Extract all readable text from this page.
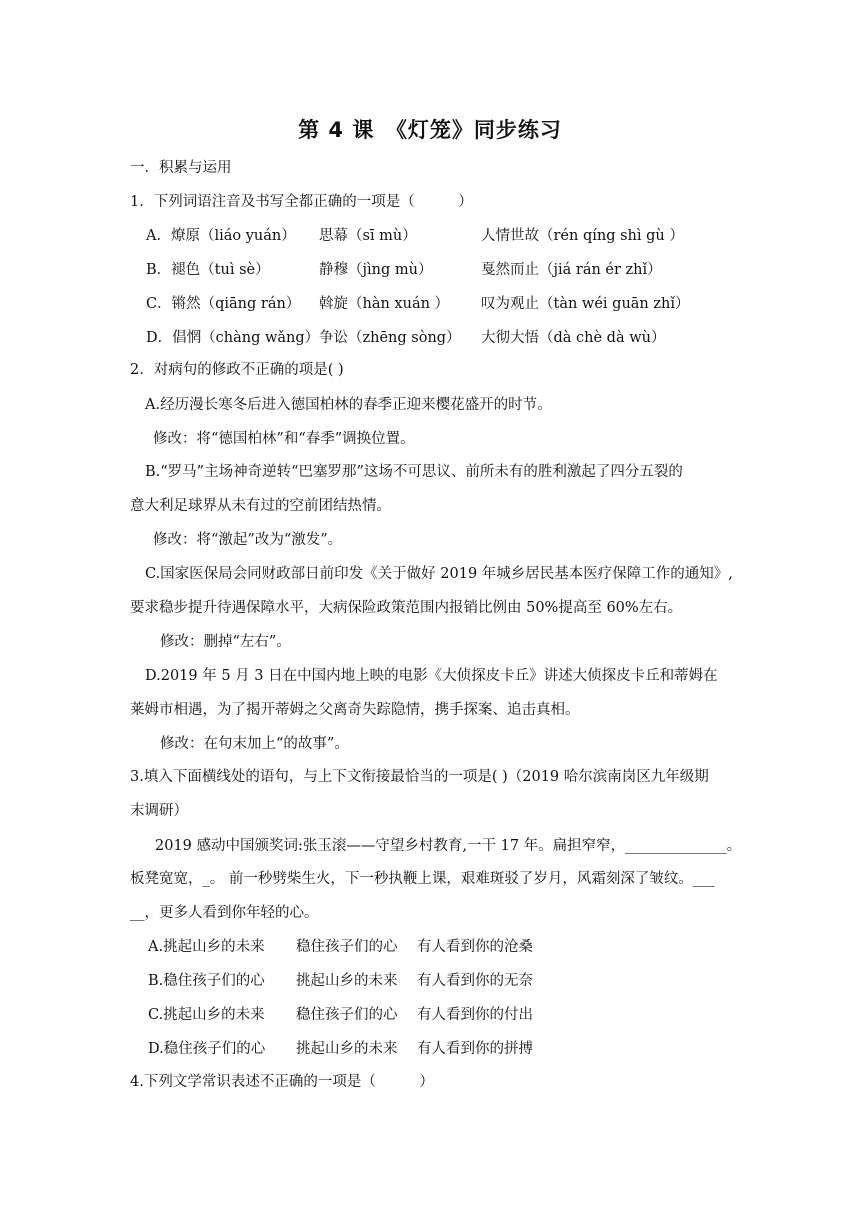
第 4 课　《灯笼》同步练习
一．积累与运用
1．下列词语注音及书写全都正确的一项是（　　　）
A．燎原（liáo yuán） 思幕（sī mù）	人情世故（rén qíng shì gù ）
B．褪色（tuì sè）	静穆（jìng mù）	戛然而止（jiá rán ér zhǐ）
C．锵然（qiāng rán） 斡旋（hàn xuán ） 叹为观止（tàn wéi guān zhǐ）
D．倡惘（chàng wǎng） 争讼（zhēng sòng） 大彻大悟（dà chè dà wù）
2．对病句的修政不正确的项是( )
A.经历漫长寒冬后进入德国柏林的春季正迎来樱花盛开的时节。
修改：将“德国柏林”和“春季”调换位置。
B.“罗马”主场神奇逆转“巴塞罗那”这场不可思议、前所未有的胜利激起了四分五裂的
意大利足球界从未有过的空前团结热情。
修改：将“激起”改为“激发”。
C.国家医保局会同财政部日前印发《关于做好 2019 年城乡居民基本医疗保障工作的通知》,
要求稳步提升待遇保障水平，大病保险政策范围内报销比例由 50%提高至 60%左右。
修改：删掉“左右”。
D.2019 年 5 月 3 日在中国内地上映的电影《大侦探皮卡丘》讲述大侦探皮卡丘和蒂姆在
莱姆市相遇，为了揭开蒂姆之父离奇失踪隐情，携手探案、追击真相。
修改：在句末加上“的故事”。
3.填入下面横线处的语句，与上下文衔接最恰当的一项是( )（2019 哈尔滨南岗区九年级期
末调研）
2019 感动中国颁奖词:张玉滚——守望乡村教育,一干 17 年。扁担窄窄，______________。
板凳宽宽，_。 前一秒劈柴生火，下一秒执鞭上课，艰难斑驳了岁月，风霜刻深了皱纹。___
__，更多人看到你年轻的心。
A.挑起山乡的未来 稳住孩子们的心 有人看到你的沧桑
B.稳住孩子们的心 挑起山乡的未来 有人看到你的无奈
C.挑起山乡的未来 稳住孩子们的心 有人看到你的付出
D.稳住孩子们的心 挑起山乡的未来 有人看到你的拼搏
4.下列文学常识表述不正确的一项是（　　　）
